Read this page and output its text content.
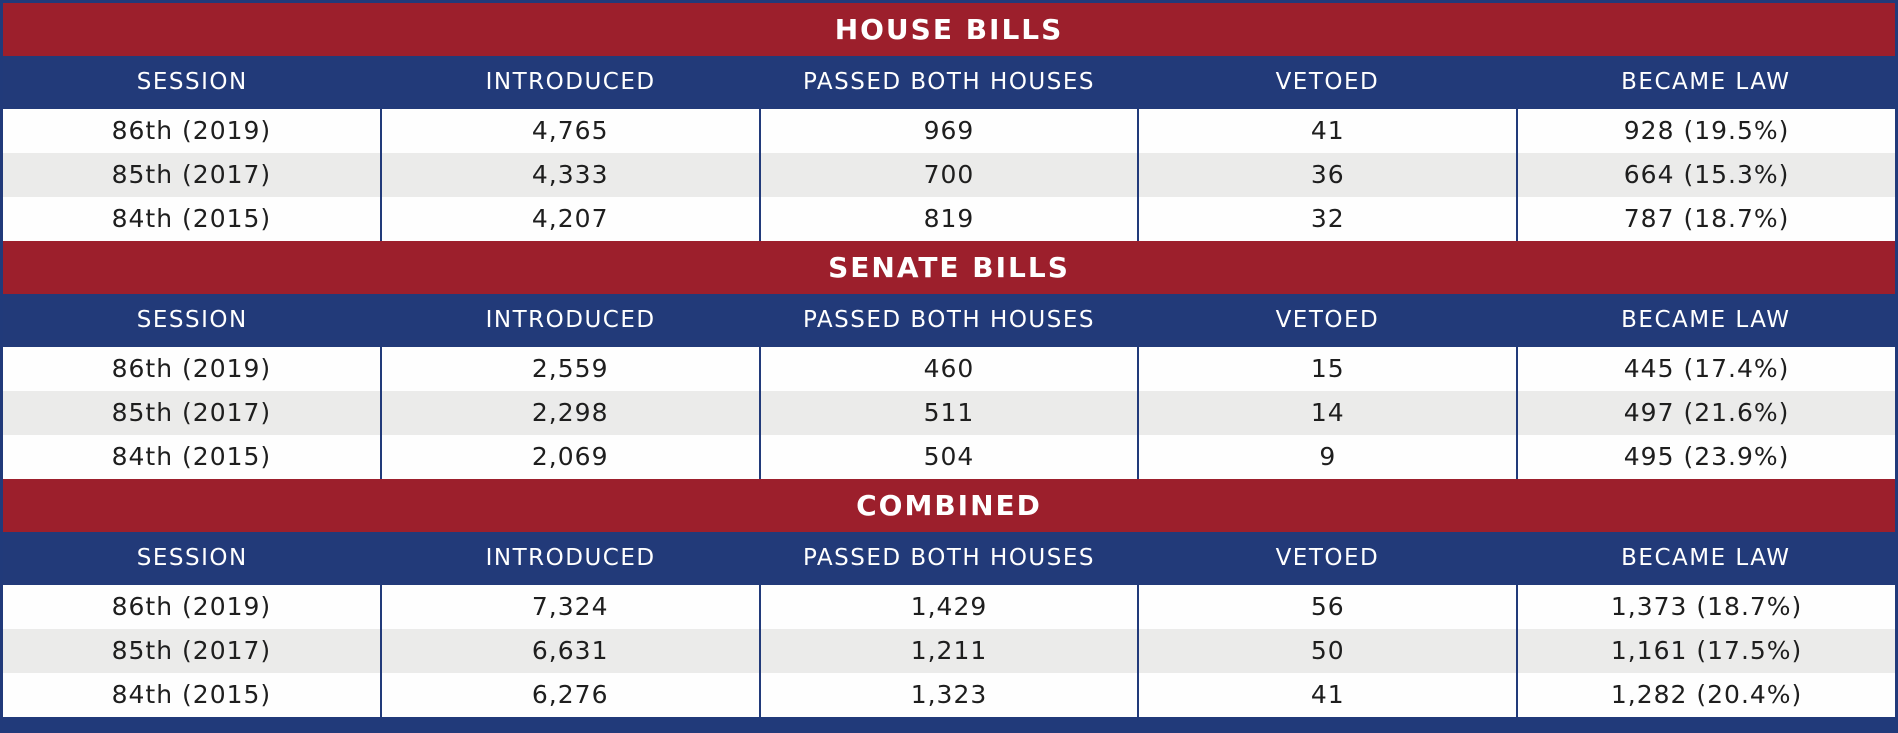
HOUSE BILLS
SESSION	INTRODUCED	PASSED BOTH HOUSES	VETOED	BECAME LAW
86th (2019)	4,765	969	41	928 (19.5%)
85th (2017)	4,333	700	36	664 (15.3%)
84th (2015)	4,207	819	32	787 (18.7%)
SENATE BILLS
SESSION	INTRODUCED	PASSED BOTH HOUSES	VETOED	BECAME LAW
86th (2019)	2,559	460	15	445 (17.4%)
85th (2017)	2,298	511	14	497 (21.6%)
84th (2015)	2,069	504	9	495 (23.9%)
COMBINED
SESSION	INTRODUCED	PASSED BOTH HOUSES	VETOED	BECAME LAW
86th (2019)	7,324	1,429	56	1,373 (18.7%)
85th (2017)	6,631	1,211	50	1,161 (17.5%)
84th (2015)	6,276	1,323	41	1,282 (20.4%)
